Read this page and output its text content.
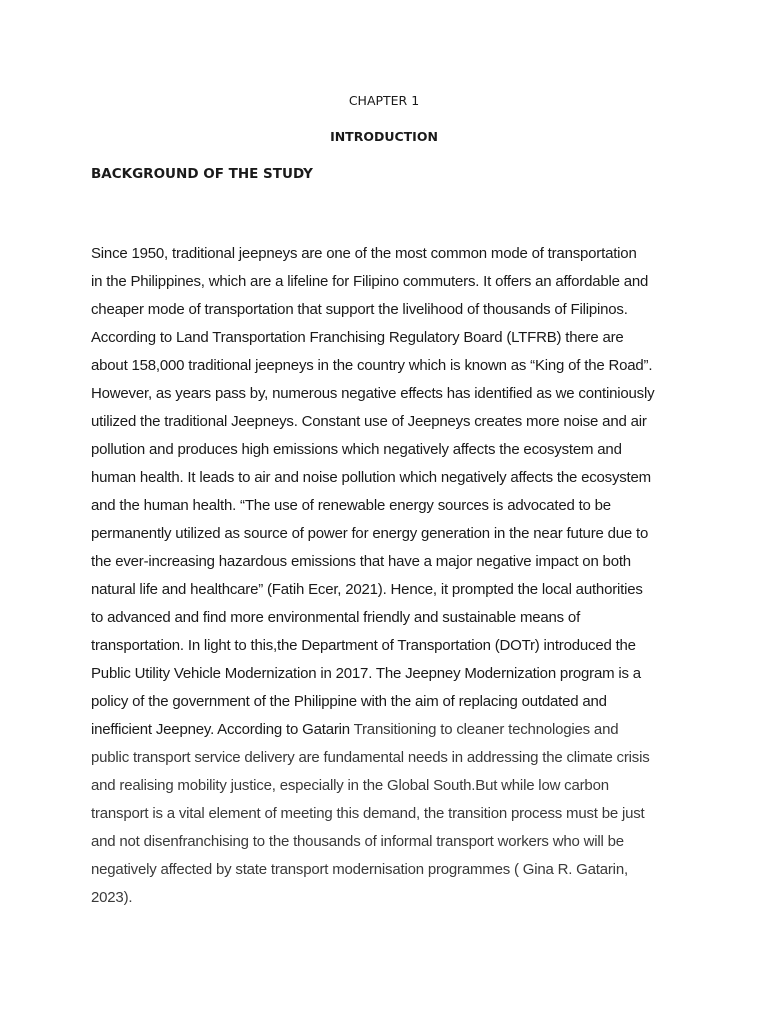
CHAPTER 1
INTRODUCTION
BACKGROUND OF THE STUDY
Since 1950, traditional jeepneys are one of the most common mode of transportation
in the Philippines, which are a lifeline for Filipino commuters. It offers an affordable and
cheaper mode of transportation that support the livelihood of thousands of Filipinos.
According to Land Transportation Franchising Regulatory Board (LTFRB) there are
about 158,000 traditional jeepneys in the country which is known as “King of the Road”.
However, as years pass by, numerous negative effects has identified as we continiously
utilized the traditional Jeepneys. Constant use of Jeepneys creates more noise and air
pollution and produces high emissions which negatively affects the ecosystem and
human health. It leads to air and noise pollution which negatively affects the ecosystem
and the human health. “The use of renewable energy sources is advocated to be
permanently utilized as source of power for energy generation in the near future due to
the ever-increasing hazardous emissions that have a major negative impact on both
natural life and healthcare” (Fatih Ecer, 2021). Hence, it prompted the local authorities
to advanced and find more environmental friendly and sustainable means of
transportation. In light to this,the Department of Transportation (DOTr) introduced the
Public Utility Vehicle Modernization in 2017. The Jeepney Modernization program is a
policy of the government of the Philippine with the aim of replacing outdated and
inefficient Jeepney. According to Gatarin Transitioning to cleaner technologies and
public transport service delivery are fundamental needs in addressing the climate crisis
and realising mobility justice, especially in the Global South.But while low carbon
transport is a vital element of meeting this demand, the transition process must be just
and not disenfranchising to the thousands of informal transport workers who will be
negatively affected by state transport modernisation programmes ( Gina R. Gatarin,
2023).
